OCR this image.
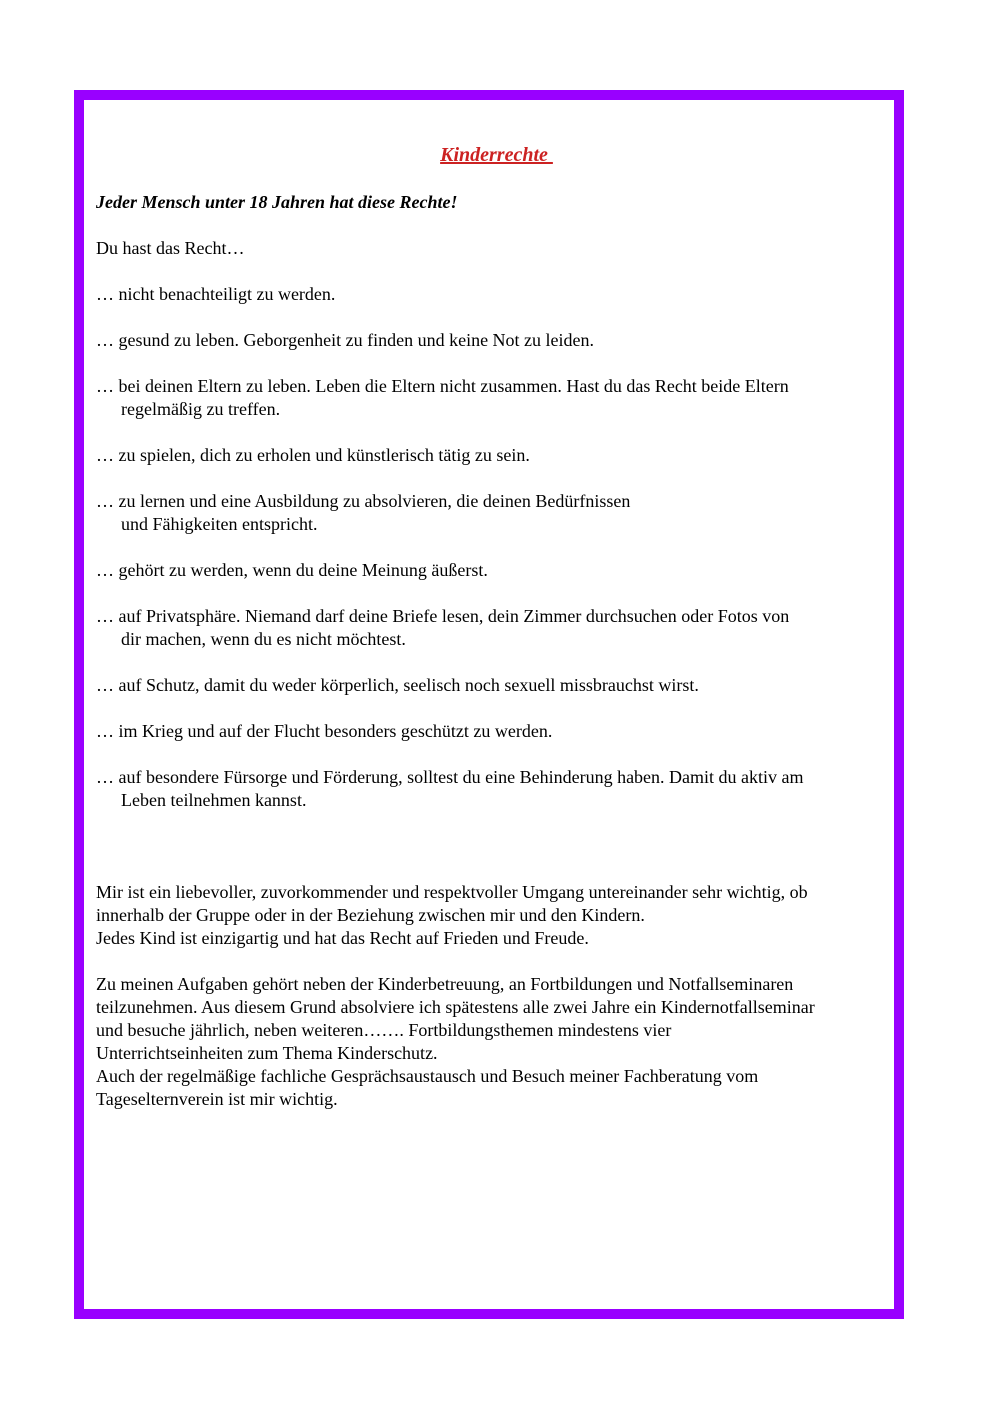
Kinderrechte

Jeder Mensch unter 18 Jahren hat diese Rechte!

Du hast das Recht…

… nicht benachteiligt zu werden.
… gesund zu leben. Geborgenheit zu finden und keine Not zu leiden.
… bei deinen Eltern zu leben. Leben die Eltern nicht zusammen. Hast du das Recht beide Eltern
regelmäßig zu treffen.
… zu spielen, dich zu erholen und künstlerisch tätig zu sein.
… zu lernen und eine Ausbildung zu absolvieren, die deinen Bedürfnissen
und Fähigkeiten entspricht.
… gehört zu werden, wenn du deine Meinung äußerst.
… auf Privatsphäre. Niemand darf deine Briefe lesen, dein Zimmer durchsuchen oder Fotos von
dir machen, wenn du es nicht möchtest.
… auf Schutz, damit du weder körperlich, seelisch noch sexuell missbrauchst wirst.
… im Krieg und auf der Flucht besonders geschützt zu werden.
… auf besondere Fürsorge und Förderung, solltest du eine Behinderung haben. Damit du aktiv am
Leben teilnehmen kannst.

Mir ist ein liebevoller, zuvorkommender und respektvoller Umgang untereinander sehr wichtig, ob
innerhalb der Gruppe oder in der Beziehung zwischen mir und den Kindern.
Jedes Kind ist einzigartig und hat das Recht auf Frieden und Freude.

Zu meinen Aufgaben gehört neben der Kinderbetreuung, an Fortbildungen und Notfallseminaren
teilzunehmen. Aus diesem Grund absolviere ich spätestens alle zwei Jahre ein Kindernotfallseminar
und besuche jährlich, neben weiteren……. Fortbildungsthemen mindestens vier
Unterrichtseinheiten zum Thema Kinderschutz.
Auch der regelmäßige fachliche Gesprächsaustausch und Besuch meiner Fachberatung vom
Tageselternverein ist mir wichtig.
